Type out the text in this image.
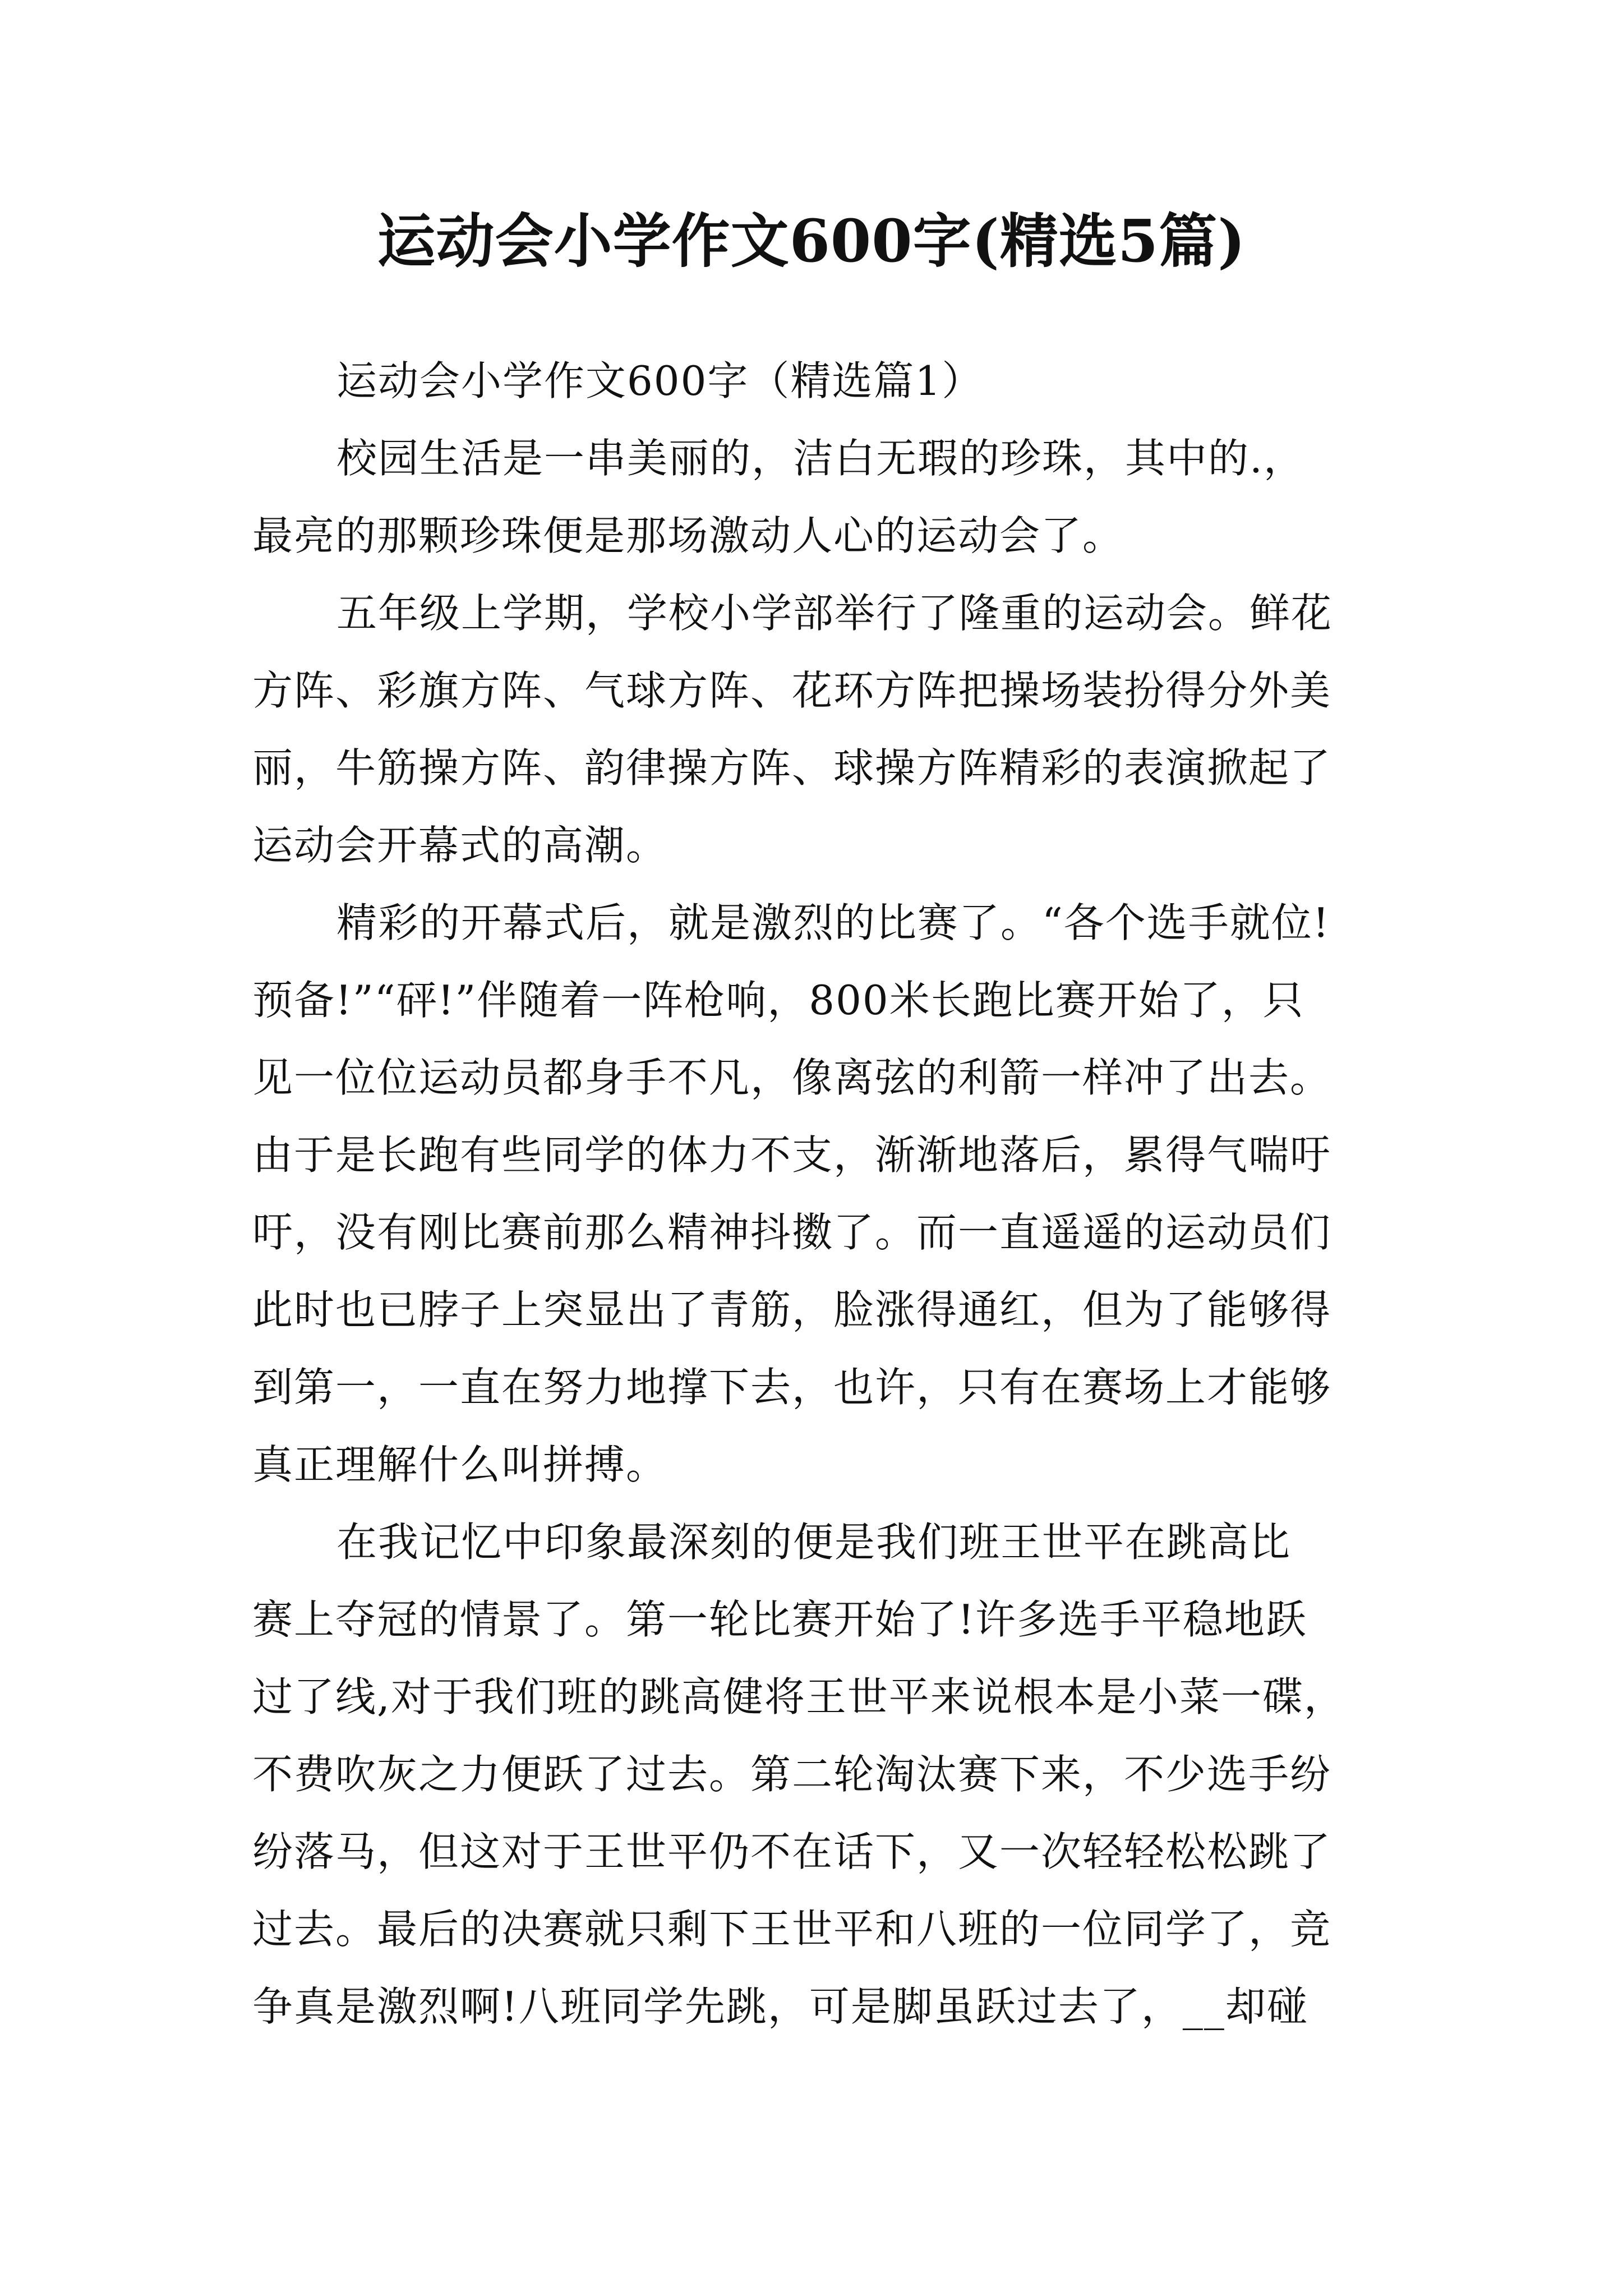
运动会小学作文600字(精选5篇)
运动会小学作文600字（精选篇1）
校园生活是一串美丽的，洁白无瑕的珍珠，其中的.，
最亮的那颗珍珠便是那场激动人心的运动会了。
五年级上学期，学校小学部举行了隆重的运动会。鲜花
方阵、彩旗方阵、气球方阵、花环方阵把操场装扮得分外美
丽，牛筋操方阵、韵律操方阵、球操方阵精彩的表演掀起了
运动会开幕式的高潮。
精彩的开幕式后，就是激烈的比赛了。“各个选手就位!
预备!”“砰!”伴随着一阵枪响，800米长跑比赛开始了，只
见一位位运动员都身手不凡，像离弦的利箭一样冲了出去。
由于是长跑有些同学的体力不支，渐渐地落后，累得气喘吁
吁，没有刚比赛前那么精神抖擞了。而一直遥遥的运动员们
此时也已脖子上突显出了青筋，脸涨得通红，但为了能够得
到第一，一直在努力地撑下去，也许，只有在赛场上才能够
真正理解什么叫拼搏。
在我记忆中印象最深刻的便是我们班王世平在跳高比
赛上夺冠的情景了。第一轮比赛开始了!许多选手平稳地跃
过了线,对于我们班的跳高健将王世平来说根本是小菜一碟，
不费吹灰之力便跃了过去。第二轮淘汰赛下来，不少选手纷
纷落马，但这对于王世平仍不在话下，又一次轻轻松松跳了
过去。最后的决赛就只剩下王世平和八班的一位同学了，竞
争真是激烈啊!八班同学先跳，可是脚虽跃过去了，__却碰
